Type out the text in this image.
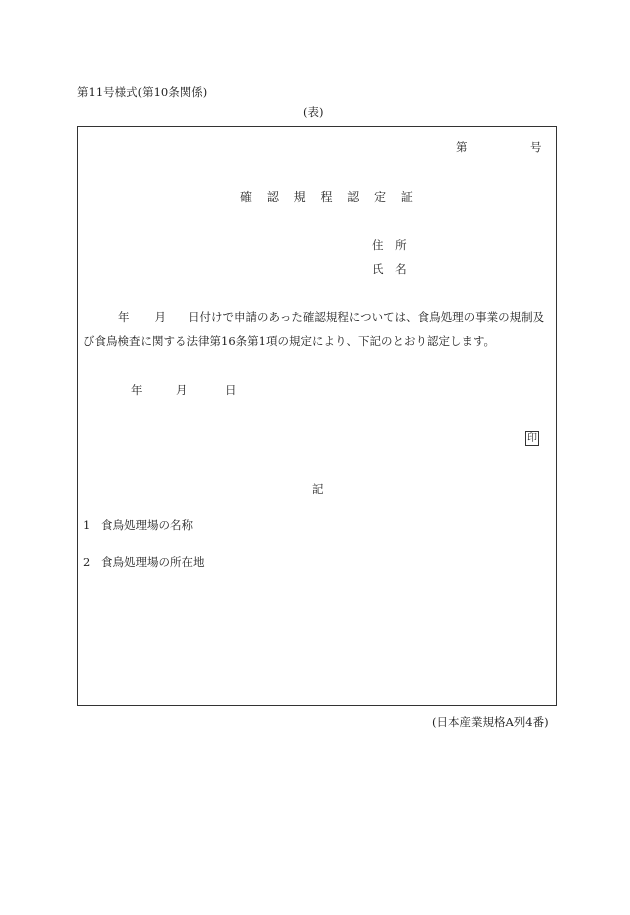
第11号様式(第10条関係)
(表)
第	号
確 認 規 程 認 定 証
住 所
氏 名
年 月 日付けで申請のあった確認規程については、食鳥処理の事業の規制及
び食鳥検査に関する法律第16条第1項の規定により、下記のとおり認定します。
年	月	日
印
記
1 食鳥処理場の名称
2 食鳥処理場の所在地
(日本産業規格A列4番)
